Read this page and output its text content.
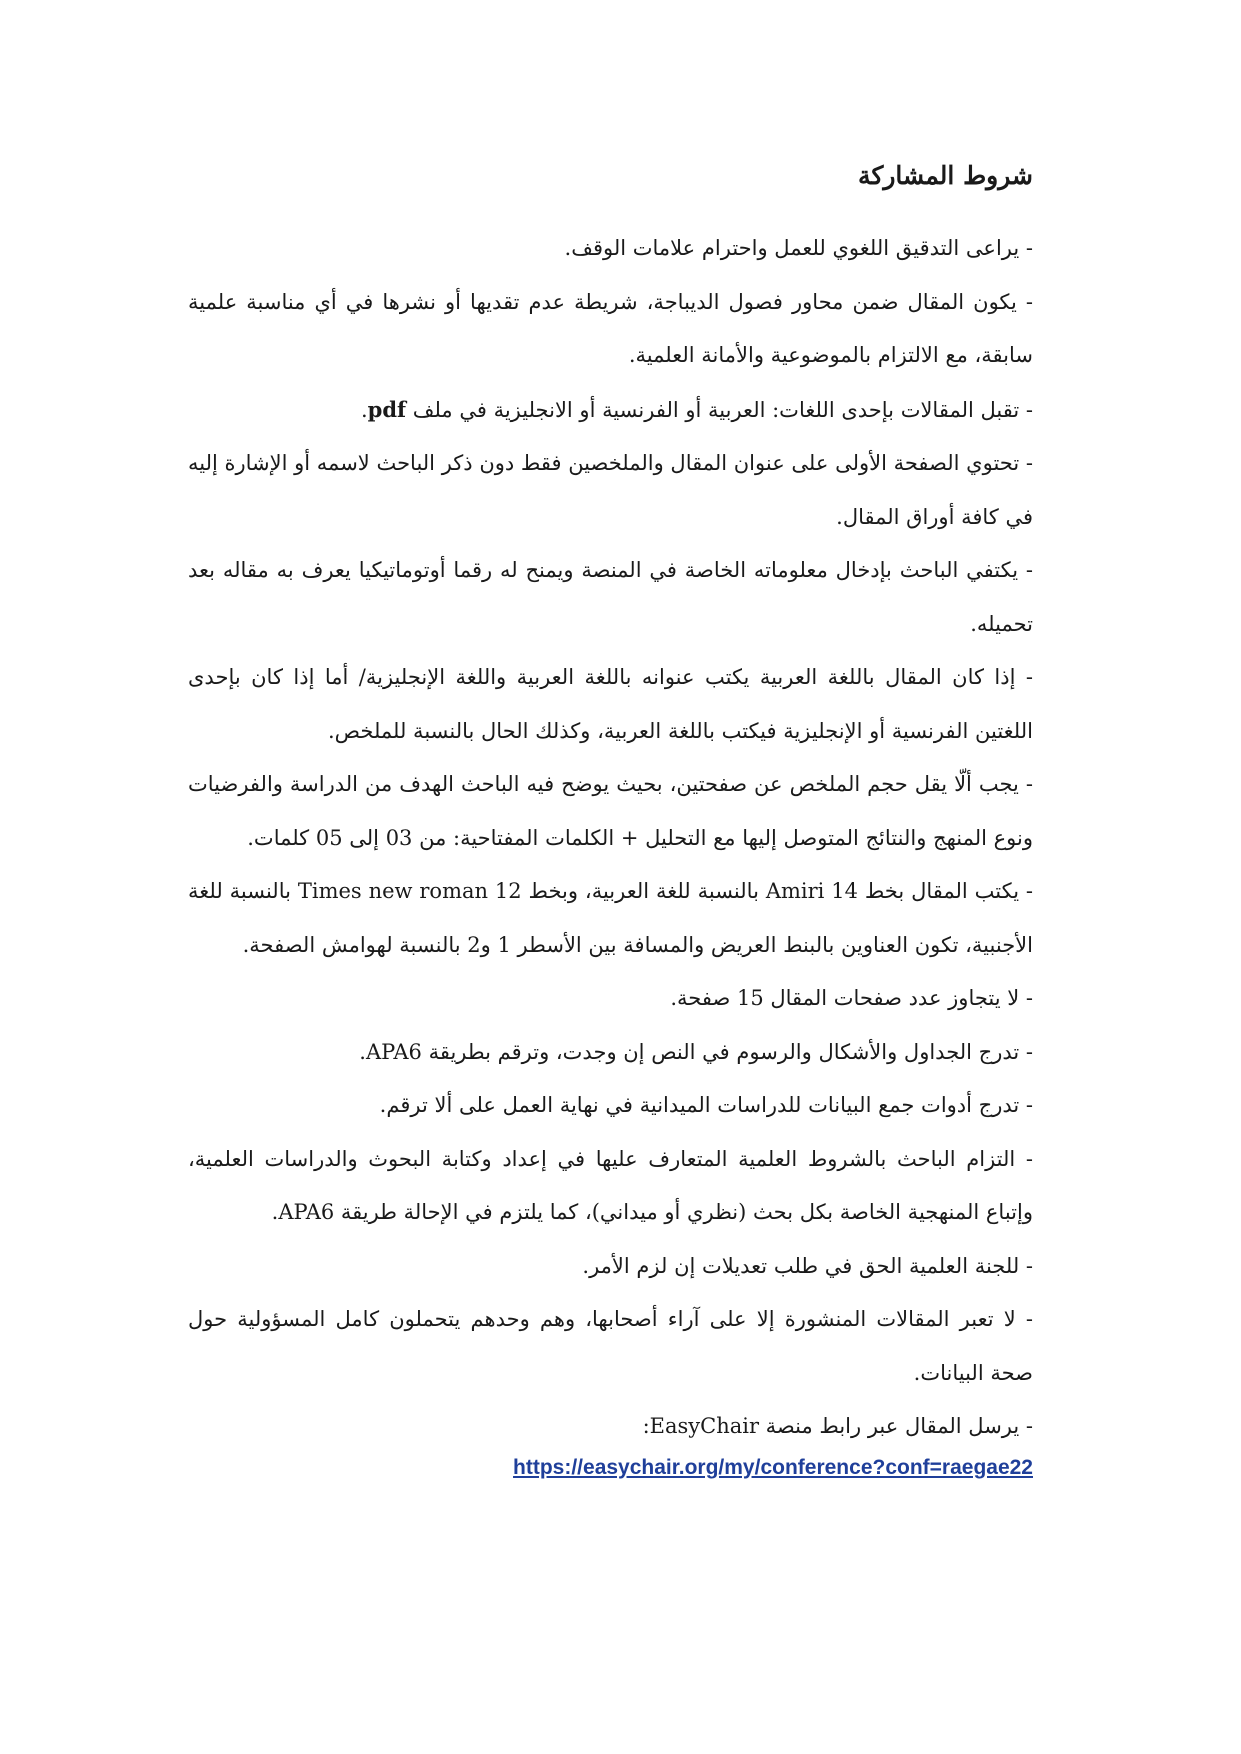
شروط المشاركة

- يراعى التدقيق اللغوي للعمل واحترام علامات الوقف.

- يكون المقال ضمن محاور فصول الديباجة، شريطة عدم تقديها أو نشرها في أي مناسبة علمية سابقة، مع الالتزام بالموضوعية والأمانة العلمية.

- تقبل المقالات بإحدى اللغات: العربية أو الفرنسية أو الانجليزية في ملف pdf.

- تحتوي الصفحة الأولى على عنوان المقال والملخصين فقط دون ذكر الباحث لاسمه أو الإشارة إليه في كافة أوراق المقال.

- يكتفي الباحث بإدخال معلوماته الخاصة في المنصة ويمنح له رقما أوتوماتيكيا يعرف به مقاله بعد تحميله.

- إذا كان المقال باللغة العربية يكتب عنوانه باللغة العربية واللغة الإنجليزية/ أما إذا كان بإحدى اللغتين الفرنسية أو الإنجليزية فيكتب باللغة العربية، وكذلك الحال بالنسبة للملخص.

- يجب ألّا يقل حجم الملخص عن صفحتين، بحيث يوضح فيه الباحث الهدف من الدراسة والفرضيات ونوع المنهج والنتائج المتوصل إليها مع التحليل + الكلمات المفتاحية: من 03 إلى 05 كلمات.

- يكتب المقال بخط Amiri 14 بالنسبة للغة العربية، وبخط Times new roman 12 بالنسبة للغة الأجنبية، تكون العناوين بالبنط العريض والمسافة بين الأسطر 1 و2 بالنسبة لهوامش الصفحة.

- لا يتجاوز عدد صفحات المقال 15 صفحة.

- تدرج الجداول والأشكال والرسوم في النص إن وجدت، وترقم بطريقة APA6.

- تدرج أدوات جمع البيانات للدراسات الميدانية في نهاية العمل على ألا ترقم.

- التزام الباحث بالشروط العلمية المتعارف عليها في إعداد وكتابة البحوث والدراسات العلمية، وإتباع المنهجية الخاصة بكل بحث (نظري أو ميداني)، كما يلتزم في الإحالة طريقة APA6.

- للجنة العلمية الحق في طلب تعديلات إن لزم الأمر.

- لا تعبر المقالات المنشورة إلا على آراء أصحابها، وهم وحدهم يتحملون كامل المسؤولية حول صحة البيانات.

- يرسل المقال عبر رابط منصة EasyChair:

https://easychair.org/my/conference?conf=raegae22
